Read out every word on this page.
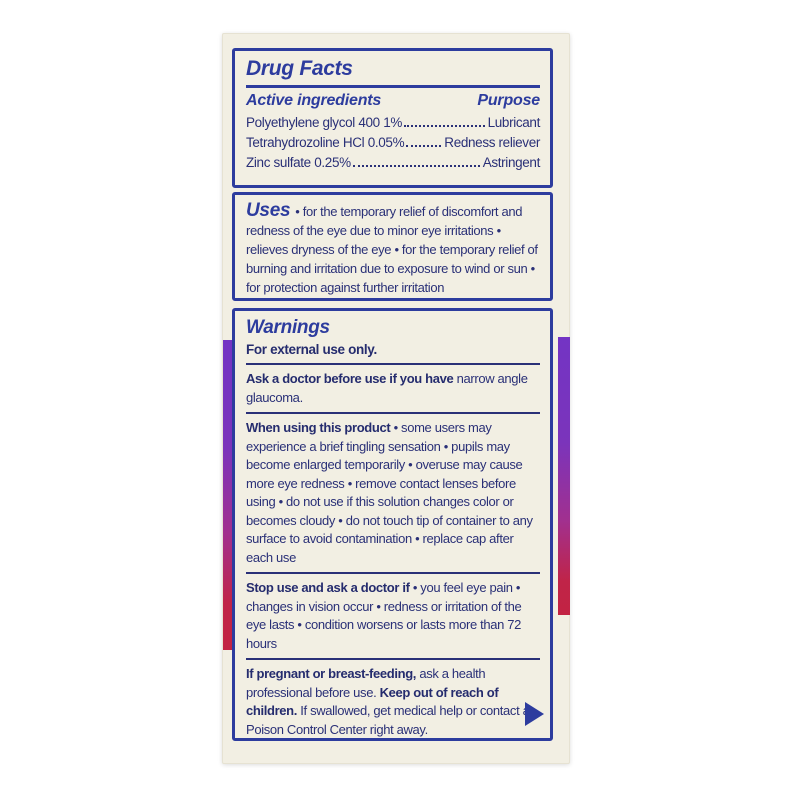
Drug Facts
Active ingredients	Purpose
Polyethylene glycol 400 1%	Lubricant
Tetrahydrozoline HCl 0.05%	Redness reliever
Zinc sulfate 0.25%	Astringent

Uses • for the temporary relief of discomfort and redness of the eye due to minor eye irritations • relieves dryness of the eye • for the temporary relief of burning and irritation due to exposure to wind or sun • for protection against further irritation

Warnings

For external use only.

Ask a doctor before use if you have narrow angle glaucoma.

When using this product • some users may experience a brief tingling sensation • pupils may become enlarged temporarily • overuse may cause more eye redness • remove contact lenses before using • do not use if this solution changes color or becomes cloudy • do not touch tip of container to any surface to avoid contamination • replace cap after each use

Stop use and ask a doctor if • you feel eye pain • changes in vision occur • redness or irritation of the eye lasts • condition worsens or lasts more than 72 hours

If pregnant or breast-feeding, ask a health professional before use. Keep out of reach of children. If swallowed, get medical help or contact a Poison Control Center right away.
